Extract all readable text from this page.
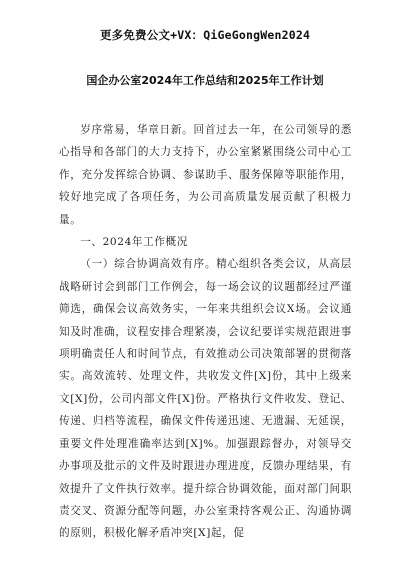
更多免费公文+VX：QiGeGongWen2024
国企办公室2024年工作总结和2025年工作计划

岁序常易，华章日新。回首过去一年，在公司领导的悉心指导和各部门的大力支持下，办公室紧紧围绕公司中心工作，充分发挥综合协调、参谋助手、服务保障等职能作用，较好地完成了各项任务，为公司高质量发展贡献了积极力量。

一、2024年工作概况

（一）综合协调高效有序。精心组织各类会议，从高层战略研讨会到部门工作例会，每一场会议的议题都经过严谨筛选，确保会议高效务实，一年来共组织会议X场。会议通知及时准确，议程安排合理紧凑，会议纪要详实规范跟进事项明确责任人和时间节点，有效推动公司决策部署的贯彻落实。高效流转、处理文件，共收发文件[X]份，其中上级来文[X]份，公司内部文件[X]份。严格执行文件收发、登记、传递、归档等流程，确保文件传递迅速、无遗漏、无延误，重要文件处理准确率达到[X]%。加强跟踪督办，对领导交办事项及批示的文件及时跟进办理进度，反馈办理结果，有效提升了文件执行效率。提升综合协调效能，面对部门间职责交叉、资源分配等问题，办公室秉持客观公正、沟通协调的原则，积极化解矛盾冲突[X]起，促
